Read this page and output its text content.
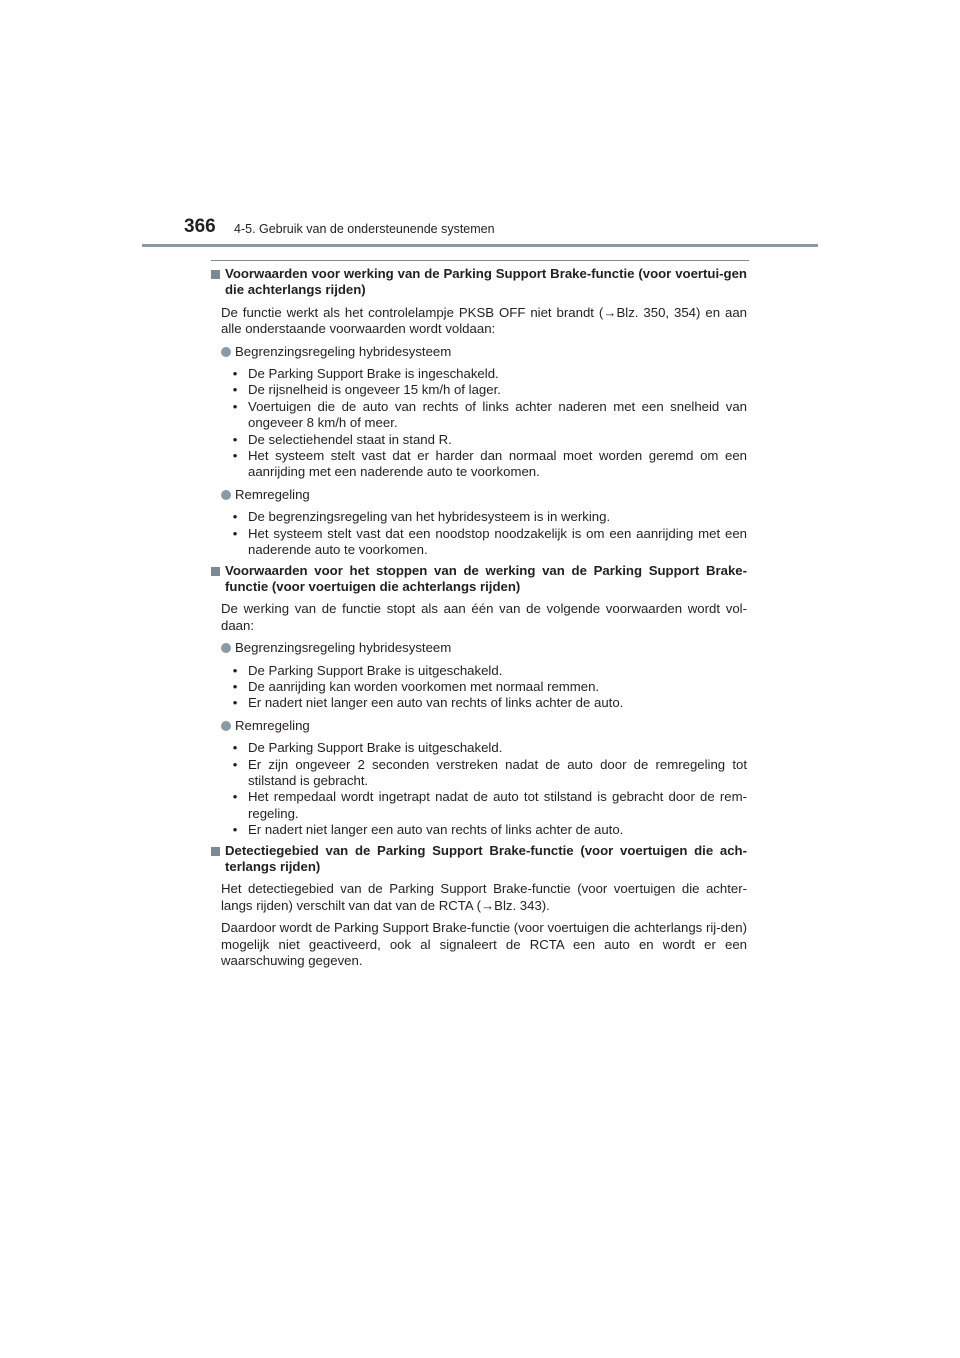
366 4-5. Gebruik van de ondersteunende systemen
Voorwaarden voor werking van de Parking Support Brake-functie (voor voertui-gen die achterlangs rijden)

De functie werkt als het controlelampje PKSB OFF niet brandt (→Blz. 350, 354) en aan alle onderstaande voorwaarden wordt voldaan:

Begrenzingsregeling hybridesysteem
• De Parking Support Brake is ingeschakeld.
• De rijsnelheid is ongeveer 15 km/h of lager.
• Voertuigen die de auto van rechts of links achter naderen met een snelheid van ongeveer 8 km/h of meer.
• De selectiehendel staat in stand R.
• Het systeem stelt vast dat er harder dan normaal moet worden geremd om een aanrijding met een naderende auto te voorkomen.
Remregeling
• De begrenzingsregeling van het hybridesysteem is in werking.
• Het systeem stelt vast dat een noodstop noodzakelijk is om een aanrijding met een naderende auto te voorkomen.
Voorwaarden voor het stoppen van de werking van de Parking Support Brake-functie (voor voertuigen die achterlangs rijden)

De werking van de functie stopt als aan één van de volgende voorwaarden wordt vol-daan:

Begrenzingsregeling hybridesysteem
• De Parking Support Brake is uitgeschakeld.
• De aanrijding kan worden voorkomen met normaal remmen.
• Er nadert niet langer een auto van rechts of links achter de auto.
Remregeling
• De Parking Support Brake is uitgeschakeld.
• Er zijn ongeveer 2 seconden verstreken nadat de auto door de remregeling tot stilstand is gebracht.
• Het rempedaal wordt ingetrapt nadat de auto tot stilstand is gebracht door de rem-regeling.
• Er nadert niet langer een auto van rechts of links achter de auto.
Detectiegebied van de Parking Support Brake-functie (voor voertuigen die ach-terlangs rijden)

Het detectiegebied van de Parking Support Brake-functie (voor voertuigen die achter-langs rijden) verschilt van dat van de RCTA (→Blz. 343).

Daardoor wordt de Parking Support Brake-functie (voor voertuigen die achterlangs rij-den) mogelijk niet geactiveerd, ook al signaleert de RCTA een auto en wordt er een waarschuwing gegeven.
